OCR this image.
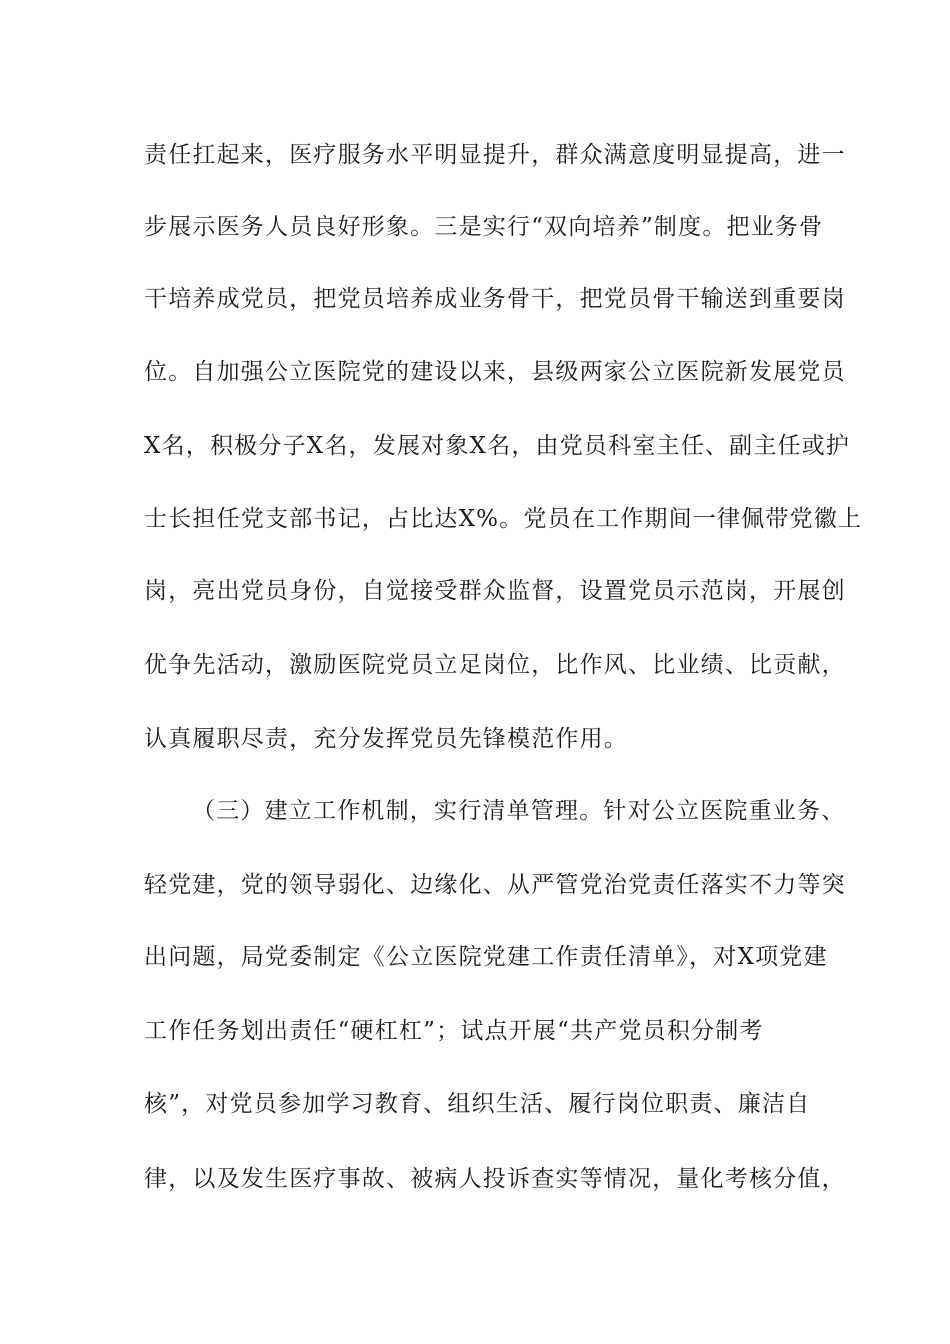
责任扛起来，医疗服务水平明显提升，群众满意度明显提高，进一
步展示医务人员良好形象。三是实行“双向培养”制度。把业务骨
干培养成党员，把党员培养成业务骨干，把党员骨干输送到重要岗
位。自加强公立医院党的建设以来，县级两家公立医院新发展党员
X名，积极分子X名，发展对象X名，由党员科室主任、副主任或护
士长担任党支部书记，占比达X%。党员在工作期间一律佩带党徽上
岗，亮出党员身份，自觉接受群众监督，设置党员示范岗，开展创
优争先活动，激励医院党员立足岗位，比作风、比业绩、比贡献，
认真履职尽责，充分发挥党员先锋模范作用。
（三）建立工作机制，实行清单管理。针对公立医院重业务、
轻党建，党的领导弱化、边缘化、从严管党治党责任落实不力等突
出问题，局党委制定《公立医院党建工作责任清单》，对X项党建
工作任务划出责任“硬杠杠”；试点开展“共产党员积分制考
核”，对党员参加学习教育、组织生活、履行岗位职责、廉洁自
律，以及发生医疗事故、被病人投诉查实等情况，量化考核分值，
